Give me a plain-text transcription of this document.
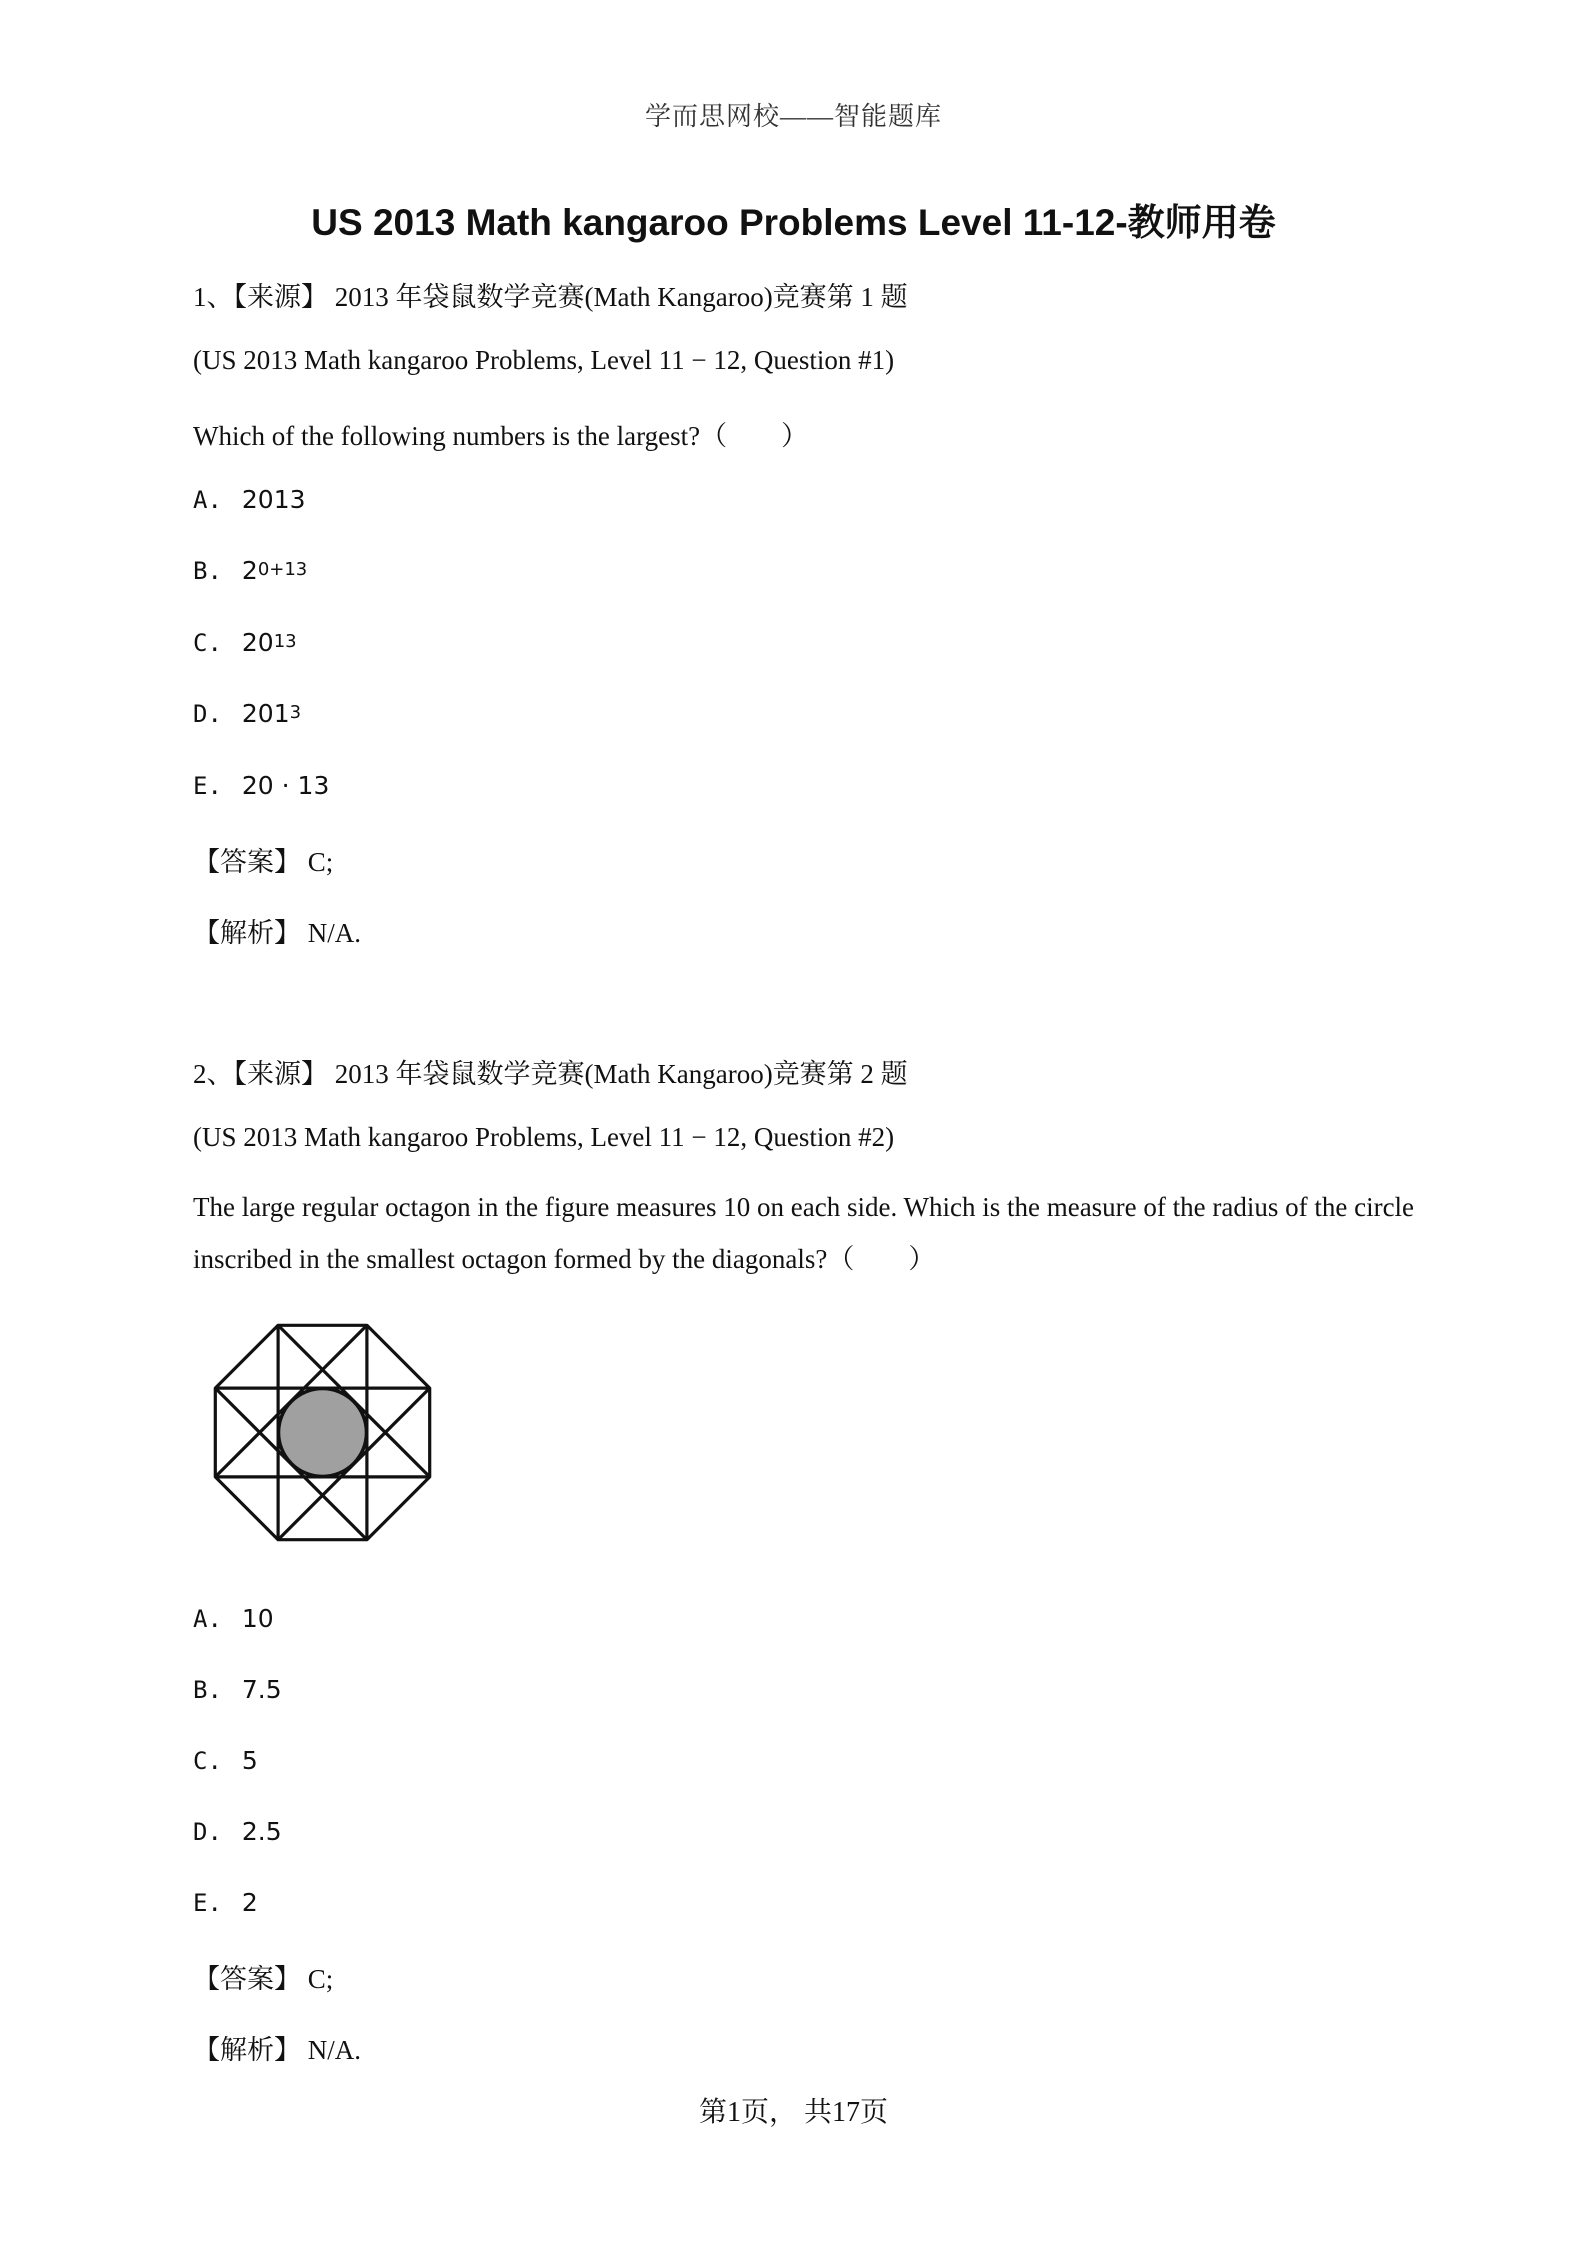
学而思网校——智能题库
US 2013 Math kangaroo Problems Level 11-12-教师用卷
1、【来源】 2013 年袋鼠数学竞赛(Math Kangaroo)竞赛第 1 题
(US 2013 Math kangaroo Problems, Level 11 − 12, Question #1)
Which of the following numbers is the largest?（　　）
A. 2013
B. $2^{0+13}$
C. $20^{13}$
D. $201^3$
E. 20 · 13
【答案】 C;
【解析】 N/A.
2、【来源】 2013 年袋鼠数学竞赛(Math Kangaroo)竞赛第 2 题
(US 2013 Math kangaroo Problems, Level 11 − 12, Question #2)
The large regular octagon in the figure measures 10 on each side. Which is the measure of the radius of the circle inscribed in the smallest octagon formed by the diagonals?（　　）
A. 10
B. 7.5
C. 5
D. 2.5
E. 2
【答案】 C;
【解析】 N/A.
第1页， 共17页
